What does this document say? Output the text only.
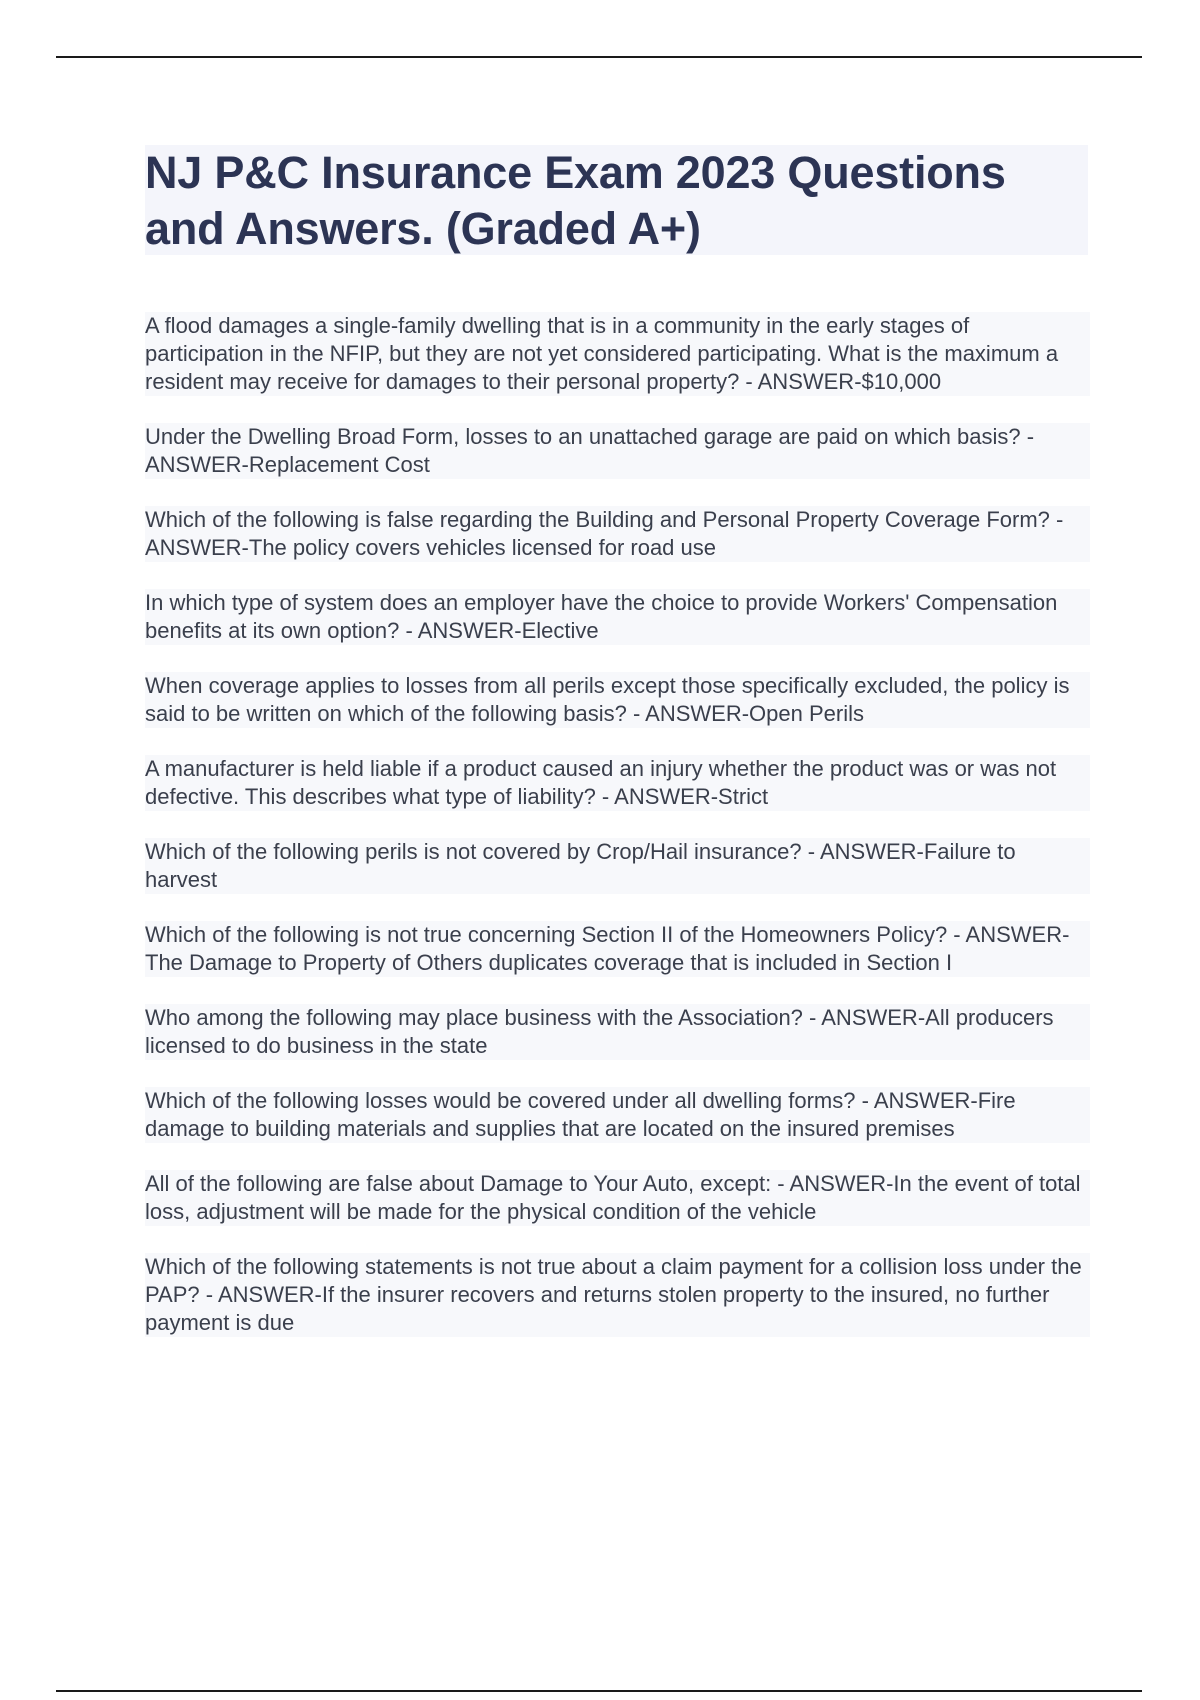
NJ P&C Insurance Exam 2023 Questions and Answers. (Graded A+)

A flood damages a single-family dwelling that is in a community in the early stages of participation in the NFIP, but they are not yet considered participating. What is the maximum a resident may receive for damages to their personal property? - ANSWER-$10,000

Under the Dwelling Broad Form, losses to an unattached garage are paid on which basis? - ANSWER-Replacement Cost

Which of the following is false regarding the Building and Personal Property Coverage Form? - ANSWER-The policy covers vehicles licensed for road use

In which type of system does an employer have the choice to provide Workers' Compensation benefits at its own option? - ANSWER-Elective

When coverage applies to losses from all perils except those specifically excluded, the policy is said to be written on which of the following basis? - ANSWER-Open Perils

A manufacturer is held liable if a product caused an injury whether the product was or was not defective. This describes what type of liability? - ANSWER-Strict

Which of the following perils is not covered by Crop/Hail insurance? - ANSWER-Failure to harvest

Which of the following is not true concerning Section II of the Homeowners Policy? - ANSWER-The Damage to Property of Others duplicates coverage that is included in Section I

Who among the following may place business with the Association? - ANSWER-All producers licensed to do business in the state

Which of the following losses would be covered under all dwelling forms? - ANSWER-Fire damage to building materials and supplies that are located on the insured premises

All of the following are false about Damage to Your Auto, except: - ANSWER-In the event of total loss, adjustment will be made for the physical condition of the vehicle

Which of the following statements is not true about a claim payment for a collision loss under the PAP? - ANSWER-If the insurer recovers and returns stolen property to the insured, no further payment is due
